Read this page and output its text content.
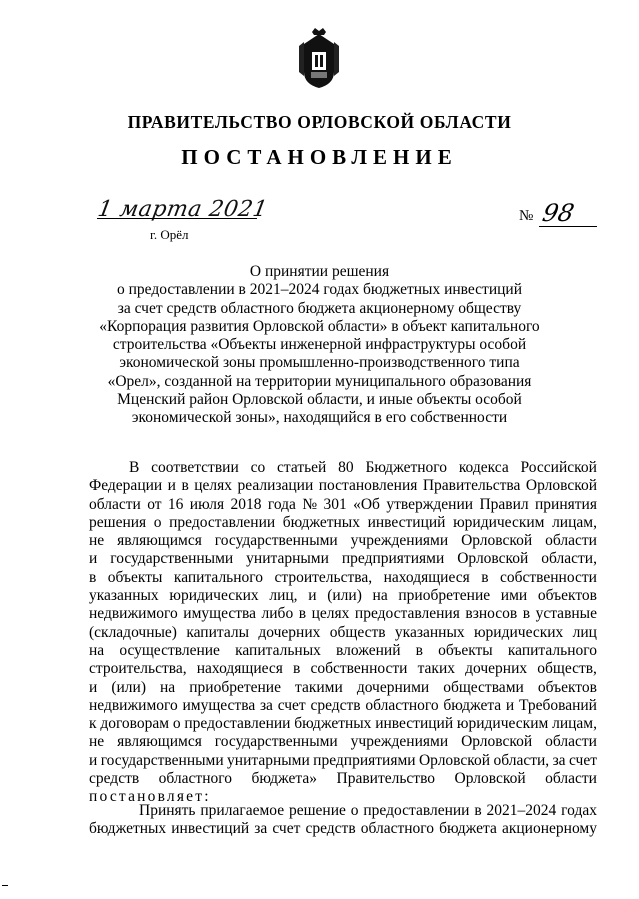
ПРАВИТЕЛЬСТВО ОРЛОВСКОЙ ОБЛАСТИ
ПОСТАНОВЛЕНИЕ
1 марта 2021
г. Орёл
№ 98
О принятии решения
о предоставлении в 2021–2024 годах бюджетных инвестиций
за счет средств областного бюджета акционерному обществу
«Корпорация развития Орловской области» в объект капитального
строительства «Объекты инженерной инфраструктуры особой
экономической зоны промышленно-производственного типа
«Орел», созданной на территории муниципального образования
Мценский район Орловской области, и иные объекты особой
экономической зоны», находящийся в его собственности
В соответствии со статьей 80 Бюджетного кодекса Российской
Федерации и в целях реализации постановления Правительства Орловской
области от 16 июля 2018 года № 301 «Об утверждении Правил принятия
решения о предоставлении бюджетных инвестиций юридическим лицам,
не являющимся государственными учреждениями Орловской области
и государственными унитарными предприятиями Орловской области,
в объекты капитального строительства, находящиеся в собственности
указанных юридических лиц, и (или) на приобретение ими объектов
недвижимого имущества либо в целях предоставления взносов в уставные
(складочные) капиталы дочерних обществ указанных юридических лиц
на осуществление капитальных вложений в объекты капитального
строительства, находящиеся в собственности таких дочерних обществ,
и (или) на приобретение такими дочерними обществами объектов
недвижимого имущества за счет средств областного бюджета и Требований
к договорам о предоставлении бюджетных инвестиций юридическим лицам,
не являющимся государственными учреждениями Орловской области
и государственными унитарными предприятиями Орловской области, за счет
средств областного бюджета» Правительство Орловской области
постановляет:
Принять прилагаемое решение о предоставлении в 2021–2024 годах
бюджетных инвестиций за счет средств областного бюджета акционерному
